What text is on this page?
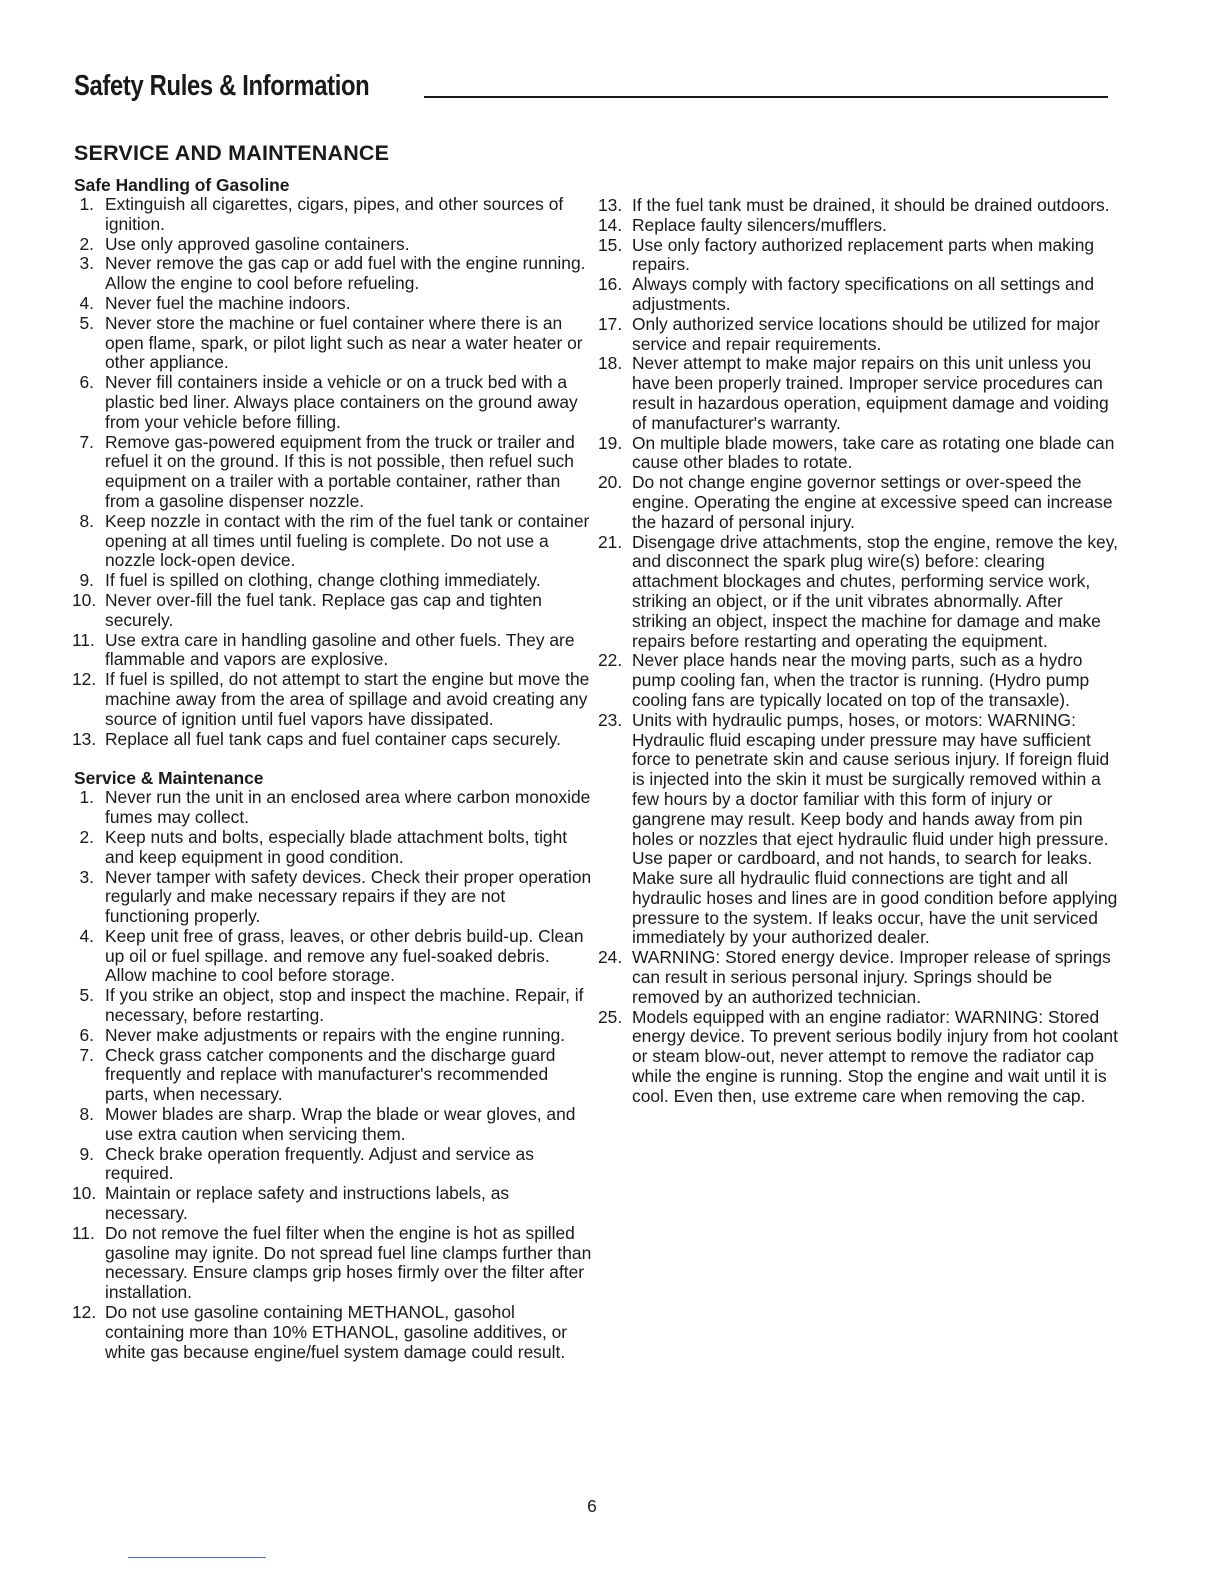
Safety Rules & Information
SERVICE AND MAINTENANCE
Safe Handling of Gasoline
1. Extinguish all cigarettes, cigars, pipes, and other sources of ignition.
2. Use only approved gasoline containers.
3. Never remove the gas cap or add fuel with the engine running. Allow the engine to cool before refueling.
4. Never fuel the machine indoors.
5. Never store the machine or fuel container where there is an open flame, spark, or pilot light such as near a water heater or other appliance.
6. Never fill containers inside a vehicle or on a truck bed with a plastic bed liner. Always place containers on the ground away from your vehicle before filling.
7. Remove gas-powered equipment from the truck or trailer and refuel it on the ground. If this is not possible, then refuel such equipment on a trailer with a portable container, rather than from a gasoline dispenser nozzle.
8. Keep nozzle in contact with the rim of the fuel tank or container opening at all times until fueling is complete. Do not use a nozzle lock-open device.
9. If fuel is spilled on clothing, change clothing immediately.
10. Never over-fill the fuel tank. Replace gas cap and tighten securely.
11. Use extra care in handling gasoline and other fuels. They are flammable and vapors are explosive.
12. If fuel is spilled, do not attempt to start the engine but move the machine away from the area of spillage and avoid creating any source of ignition until fuel vapors have dissipated.
13. Replace all fuel tank caps and fuel container caps securely.
Service & Maintenance
1. Never run the unit in an enclosed area where carbon monoxide fumes may collect.
2. Keep nuts and bolts, especially blade attachment bolts, tight and keep equipment in good condition.
3. Never tamper with safety devices. Check their proper operation regularly and make necessary repairs if they are not functioning properly.
4. Keep unit free of grass, leaves, or other debris build-up. Clean up oil or fuel spillage. and remove any fuel-soaked debris. Allow machine to cool before storage.
5. If you strike an object, stop and inspect the machine. Repair, if necessary, before restarting.
6. Never make adjustments or repairs with the engine running.
7. Check grass catcher components and the discharge guard frequently and replace with manufacturer's recommended parts, when necessary.
8. Mower blades are sharp. Wrap the blade or wear gloves, and use extra caution when servicing them.
9. Check brake operation frequently. Adjust and service as required.
10. Maintain or replace safety and instructions labels, as necessary.
11. Do not remove the fuel filter when the engine is hot as spilled gasoline may ignite. Do not spread fuel line clamps further than necessary. Ensure clamps grip hoses firmly over the filter after installation.
12. Do not use gasoline containing METHANOL, gasohol containing more than 10% ETHANOL, gasoline additives, or white gas because engine/fuel system damage could result.
13. If the fuel tank must be drained, it should be drained outdoors.
14. Replace faulty silencers/mufflers.
15. Use only factory authorized replacement parts when making repairs.
16. Always comply with factory specifications on all settings and adjustments.
17. Only authorized service locations should be utilized for major service and repair requirements.
18. Never attempt to make major repairs on this unit unless you have been properly trained. Improper service procedures can result in hazardous operation, equipment damage and voiding of manufacturer's warranty.
19. On multiple blade mowers, take care as rotating one blade can cause other blades to rotate.
20. Do not change engine governor settings or over-speed the engine. Operating the engine at excessive speed can increase the hazard of personal injury.
21. Disengage drive attachments, stop the engine, remove the key, and disconnect the spark plug wire(s) before: clearing attachment blockages and chutes, performing service work, striking an object, or if the unit vibrates abnormally. After striking an object, inspect the machine for damage and make repairs before restarting and operating the equipment.
22. Never place hands near the moving parts, such as a hydro pump cooling fan, when the tractor is running. (Hydro pump cooling fans are typically located on top of the transaxle).
23. Units with hydraulic pumps, hoses, or motors: WARNING: Hydraulic fluid escaping under pressure may have sufficient force to penetrate skin and cause serious injury. If foreign fluid is injected into the skin it must be surgically removed within a few hours by a doctor familiar with this form of injury or gangrene may result. Keep body and hands away from pin holes or nozzles that eject hydraulic fluid under high pressure. Use paper or cardboard, and not hands, to search for leaks. Make sure all hydraulic fluid connections are tight and all hydraulic hoses and lines are in good condition before applying pressure to the system. If leaks occur, have the unit serviced immediately by your authorized dealer.
24. WARNING: Stored energy device. Improper release of springs can result in serious personal injury. Springs should be removed by an authorized technician.
25. Models equipped with an engine radiator: WARNING: Stored energy device. To prevent serious bodily injury from hot coolant or steam blow-out, never attempt to remove the radiator cap while the engine is running. Stop the engine and wait until it is cool. Even then, use extreme care when removing the cap.
6
